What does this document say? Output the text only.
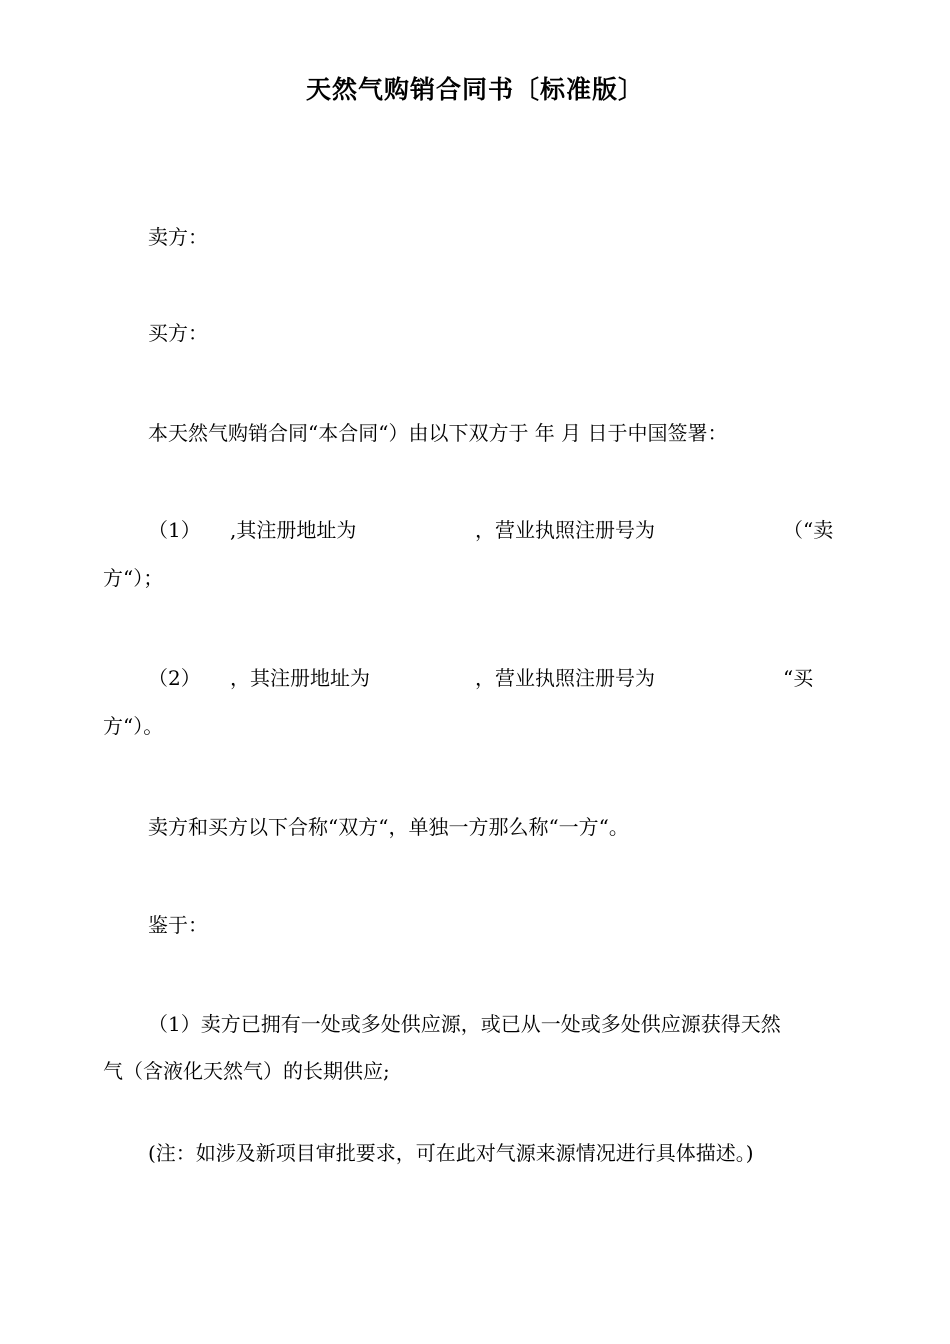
天然气购销合同书〔标准版〕
卖方：
买方：
本天然气购销合同“本合同“）由以下双方于 年 月 日于中国签署：
（1） ,其注册地址为	，营业执照注册号为	（“卖
方“）；
（2） ，其注册地址为	，营业执照注册号为	“买
方“）。
卖方和买方以下合称“双方“，单独一方那么称“一方“。
鉴于：
（1）卖方已拥有一处或多处供应源，或已从一处或多处供应源获得天然
气（含液化天然气）的长期供应;
(注：如涉及新项目审批要求，可在此对气源来源情况进行具体描述。)
